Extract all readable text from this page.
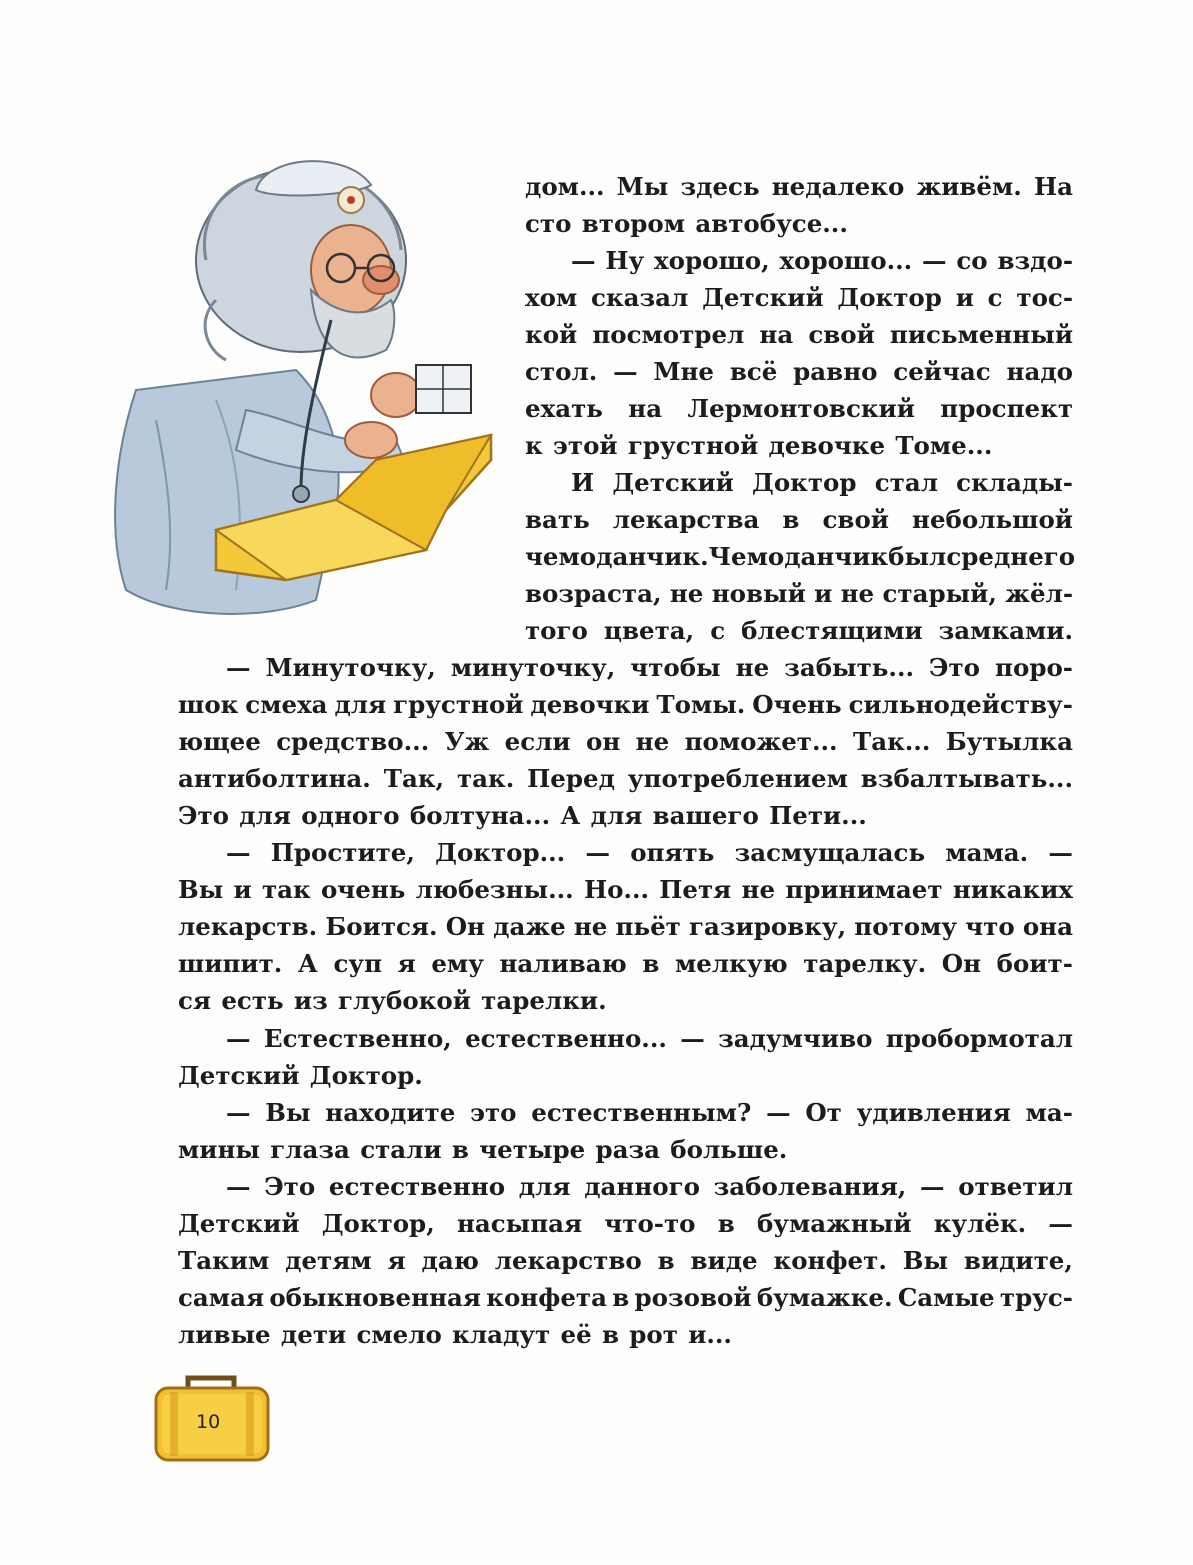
дом... Мы здесь недалеко живём. На
сто втором автобусе...
— Ну хорошо, хорошо... — со вздо-
хом сказал Детский Доктор и с тос-
кой посмотрел на свой письменный
стол. — Мне всё равно сейчас надо
ехать на Лермонтовский проспект
к этой грустной девочке Томе...
И Детский Доктор стал склады-
вать лекарства в свой небольшой
чемоданчик. Чемоданчик был среднего
возраста, не новый и не старый, жёл-
того цвета, с блестящими замками.
— Минуточку, минуточку, чтобы не забыть... Это поро-
шок смеха для грустной девочки Томы. Очень сильнодейству-
ющее средство... Уж если он не поможет... Так... Бутылка
антиболтина. Так, так. Перед употреблением взбалтывать...
Это для одного болтуна... А для вашего Пети...
— Простите, Доктор... — опять засмущалась мама. —
Вы и так очень любезны... Но... Петя не принимает никаких
лекарств. Боится. Он даже не пьёт газировку, потому что она
шипит. А суп я ему наливаю в мелкую тарелку. Он боит-
ся есть из глубокой тарелки.
— Естественно, естественно... — задумчиво пробормотал
Детский Доктор.
— Вы находите это естественным? — От удивления ма-
мины глаза стали в четыре раза больше.
— Это естественно для данного заболевания, — ответил
Детский Доктор, насыпая что-то в бумажный кулёк. —
Таким детям я даю лекарство в виде конфет. Вы видите,
самая обыкновенная конфета в розовой бумажке. Самые трус-
ливые дети смело кладут её в рот и...
10
